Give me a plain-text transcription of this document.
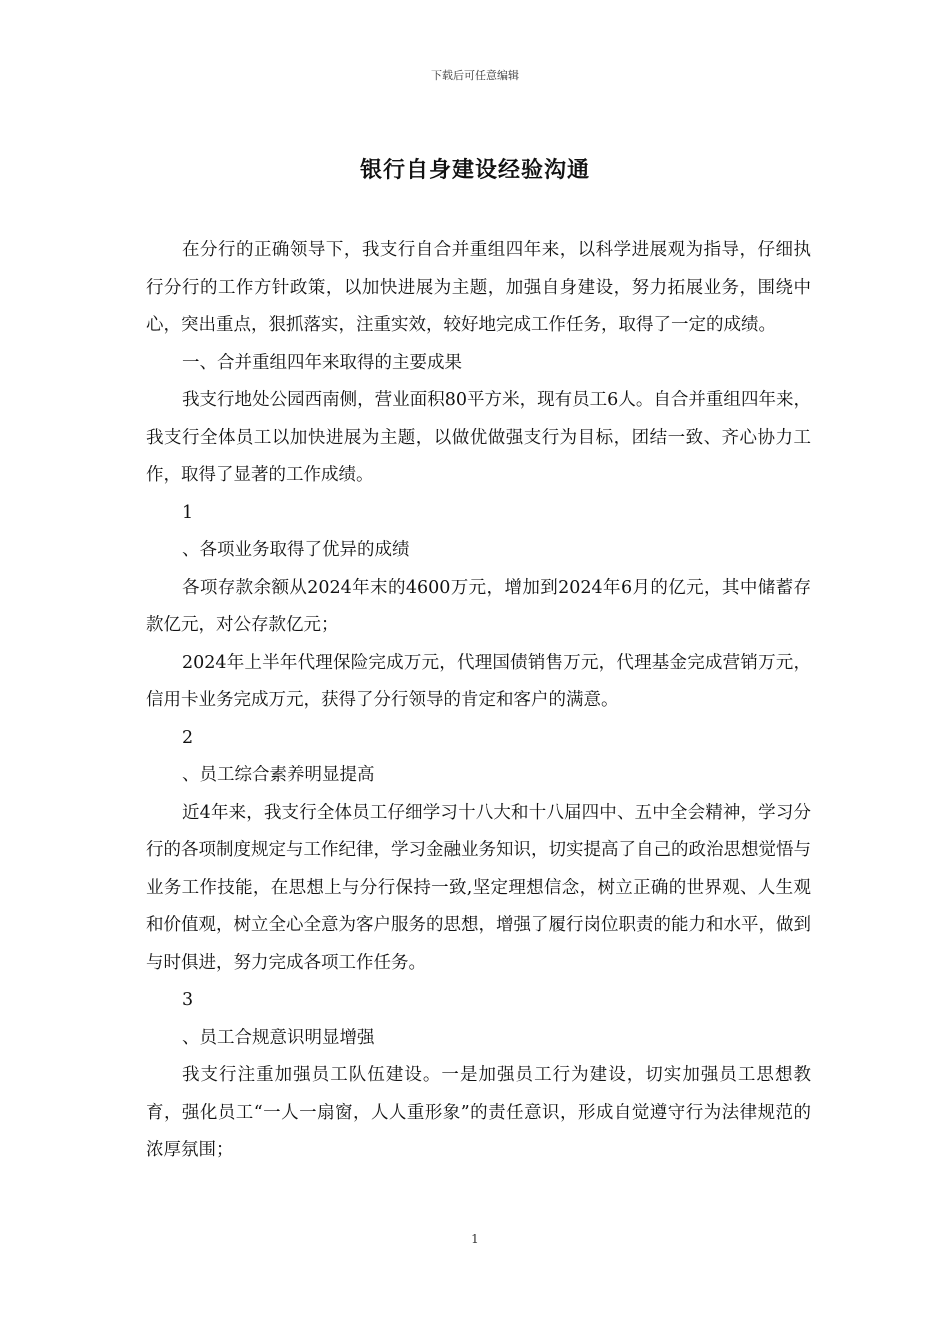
下载后可任意编辑
银行自身建设经验沟通

在分行的正确领导下，我支行自合并重组四年来，以科学进展观为指导，仔细执行分行的工作方针政策，以加快进展为主题，加强自身建设，努力拓展业务，围绕中心，突出重点，狠抓落实，注重实效，较好地完成工作任务，取得了一定的成绩。

一、合并重组四年来取得的主要成果

我支行地处公园西南侧，营业面积80平方米，现有员工6人。自合并重组四年来，我支行全体员工以加快进展为主题，以做优做强支行为目标，团结一致、齐心协力工作，取得了显著的工作成绩。

1

、各项业务取得了优异的成绩

各项存款余额从2024年末的4600万元，增加到2024年6月的亿元，其中储蓄存款亿元，对公存款亿元；

2024年上半年代理保险完成万元，代理国债销售万元，代理基金完成营销万元，信用卡业务完成万元，获得了分行领导的肯定和客户的满意。

2

、员工综合素养明显提高

近4年来，我支行全体员工仔细学习十八大和十八届四中、五中全会精神，学习分行的各项制度规定与工作纪律，学习金融业务知识，切实提高了自己的政治思想觉悟与业务工作技能，在思想上与分行保持一致,坚定理想信念，树立正确的世界观、人生观和价值观，树立全心全意为客户服务的思想，增强了履行岗位职责的能力和水平，做到与时俱进，努力完成各项工作任务。

3

、员工合规意识明显增强

我支行注重加强员工队伍建设。一是加强员工行为建设，切实加强员工思想教育，强化员工“一人一扇窗，人人重形象”的责任意识，形成自觉遵守行为法律规范的浓厚氛围；

1
